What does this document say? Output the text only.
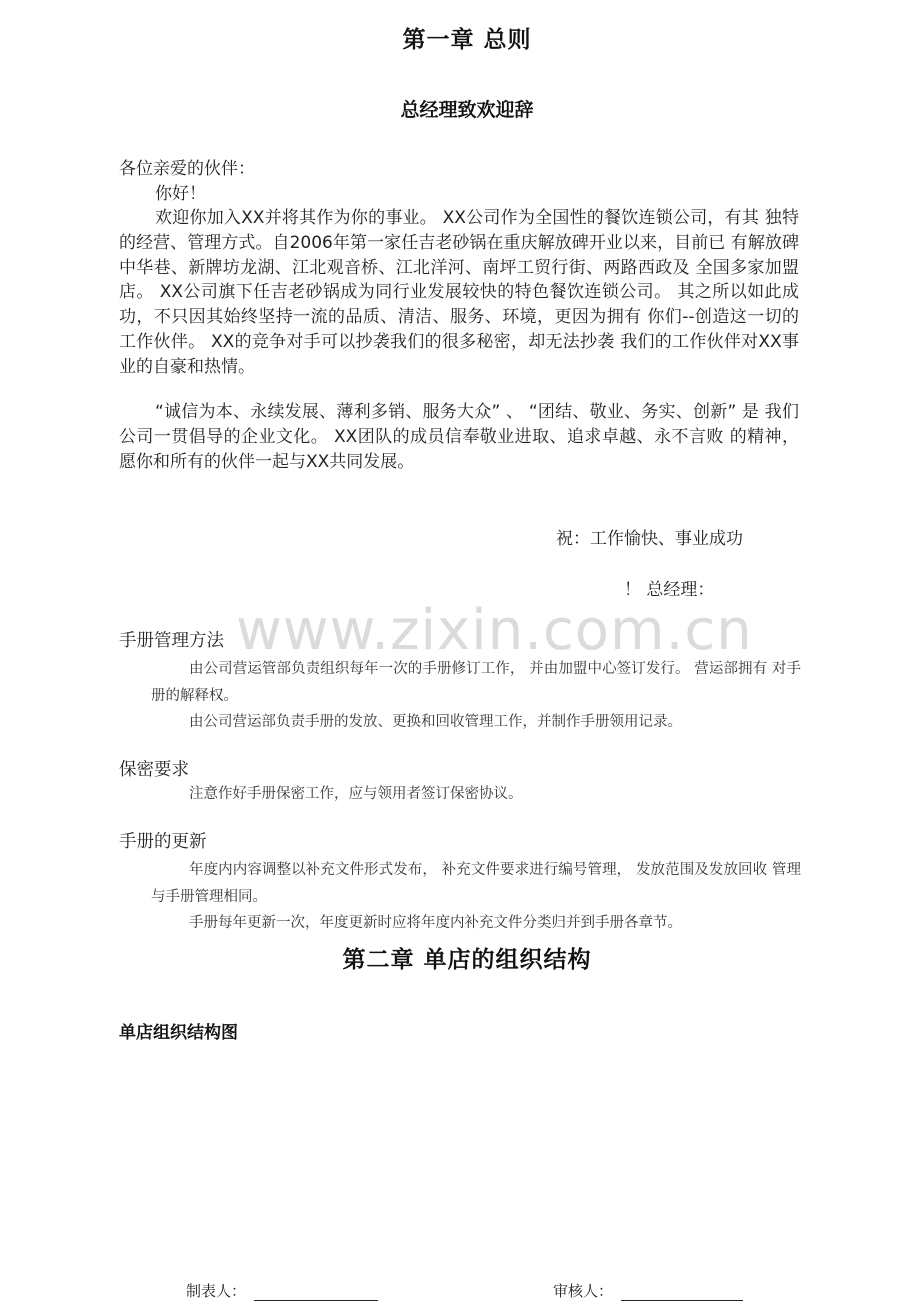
www.zixin.com.cn
第一章 总则
总经理致欢迎辞
各位亲爱的伙伴：
你好！
欢迎你加入XX并将其作为你的事业。 XX公司作为全国性的餐饮连锁公司，有其 独特的经营、管理方式。自2006年第一家任吉老砂锅在重庆解放碑开业以来，目前已 有解放碑中华巷、新牌坊龙湖、江北观音桥、江北洋河、南坪工贸行街、两路西政及 全国多家加盟店。 XX公司旗下任吉老砂锅成为同行业发展较快的特色餐饮连锁公司。 其之所以如此成功，不只因其始终坚持一流的品质、清洁、服务、环境，更因为拥有 你们--创造这一切的工作伙伴。 XX的竞争对手可以抄袭我们的很多秘密，却无法抄袭 我们的工作伙伴对XX事业的自豪和热情。
“诚信为本、永续发展、薄利多销、服务大众” 、 “团结、敬业、务实、创新” 是 我们公司一贯倡导的企业文化。 XX团队的成员信奉敬业进取、追求卓越、永不言败 的精神，愿你和所有的伙伴一起与XX共同发展。
祝：工作愉快、事业成功
！ 总经理：
手册管理方法
由公司营运管部负责组织每年一次的手册修订工作， 并由加盟中心签订发行。 营运部拥有 对手册的解释权。
由公司营运部负责手册的发放、更换和回收管理工作，并制作手册领用记录。
保密要求
注意作好手册保密工作，应与领用者签订保密协议。
手册的更新
年度内内容调整以补充文件形式发布， 补充文件要求进行编号管理， 发放范围及发放回收 管理与手册管理相同。
手册每年更新一次，年度更新时应将年度内补充文件分类归并到手册各章节。
第二章 单店的组织结构
单店组织结构图
制表人：	审核人：
